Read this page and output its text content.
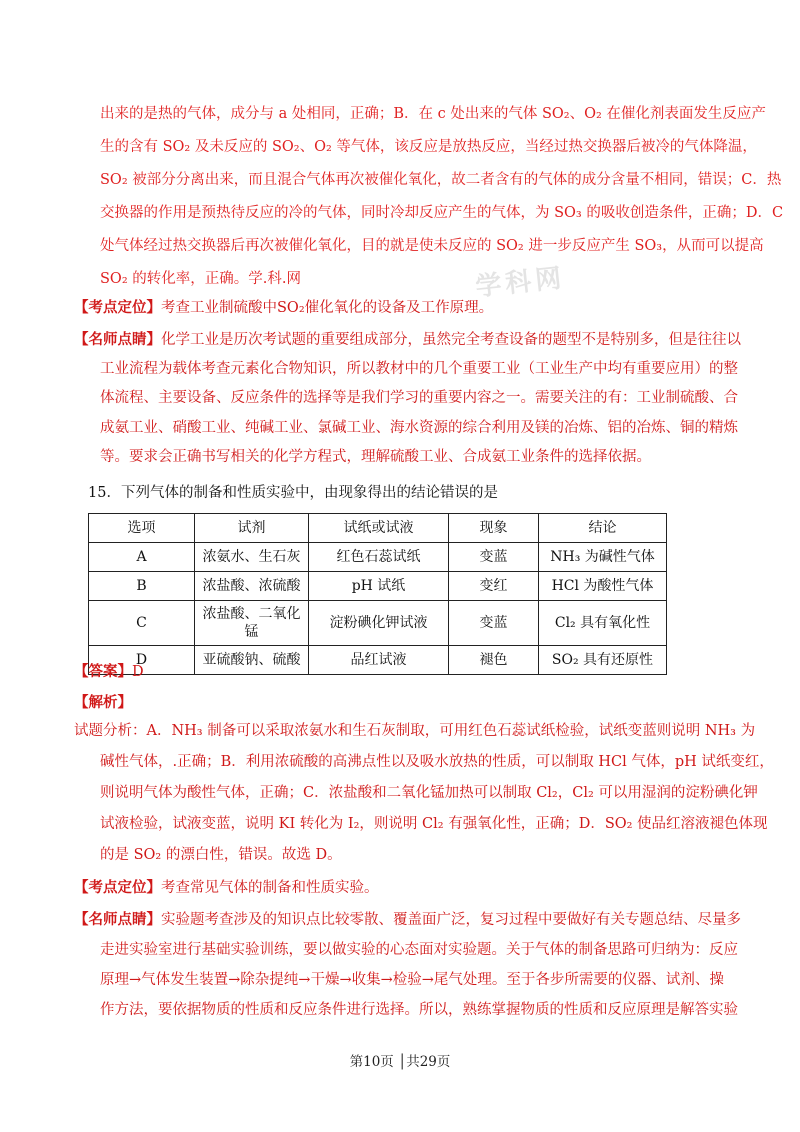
学科网
出来的是热的气体，成分与 a 处相同，正确；B．在 c 处出来的气体 SO₂、O₂ 在催化剂表面发生反应产
生的含有 SO₂ 及未反应的 SO₂、O₂ 等气体，该反应是放热反应，当经过热交换器后被冷的气体降温，
SO₂ 被部分分离出来，而且混合气体再次被催化氧化，故二者含有的气体的成分含量不相同，错误；C．热
交换器的作用是预热待反应的冷的气体，同时冷却反应产生的气体，为 SO₃ 的吸收创造条件，正确；D．C
处气体经过热交换器后再次被催化氧化，目的就是使未反应的 SO₂ 进一步反应产生 SO₃，从而可以提高
SO₂ 的转化率，正确。学.科.网
【考点定位】考查工业制硫酸中SO₂催化氧化的设备及工作原理。
【名师点睛】化学工业是历次考试题的重要组成部分，虽然完全考查设备的题型不是特别多，但是往往以
工业流程为载体考查元素化合物知识，所以教材中的几个重要工业（工业生产中均有重要应用）的整
体流程、主要设备、反应条件的选择等是我们学习的重要内容之一。需要关注的有：工业制硫酸、合
成氨工业、硝酸工业、纯碱工业、氯碱工业、海水资源的综合利用及镁的冶炼、铝的冶炼、铜的精炼
等。要求会正确书写相关的化学方程式，理解硫酸工业、合成氨工业条件的选择依据。
15．下列气体的制备和性质实验中，由现象得出的结论错误的是
选项	试剂	试纸或试液	现象	结论
A	浓氨水、生石灰	红色石蕊试纸	变蓝	NH₃ 为碱性气体
B	浓盐酸、浓硫酸	pH 试纸	变红	HCl 为酸性气体
C	浓盐酸、二氧化锰	淀粉碘化钾试液	变蓝	Cl₂ 具有氧化性
D	亚硫酸钠、硫酸	品红试液	褪色	SO₂ 具有还原性
【答案】D
【解析】
试题分析：A．NH₃ 制备可以采取浓氨水和生石灰制取，可用红色石蕊试纸检验，试纸变蓝则说明 NH₃ 为
碱性气体，.正确；B．利用浓硫酸的高沸点性以及吸水放热的性质，可以制取 HCl 气体，pH 试纸变红，
则说明气体为酸性气体，正确；C．浓盐酸和二氧化锰加热可以制取 Cl₂，Cl₂ 可以用湿润的淀粉碘化钾
试液检验，试液变蓝，说明 KI 转化为 I₂，则说明 Cl₂ 有强氧化性，正确；D．SO₂ 使品红溶液褪色体现
的是 SO₂ 的漂白性，错误。故选 D。
【考点定位】考查常见气体的制备和性质实验。
【名师点睛】实验题考查涉及的知识点比较零散、覆盖面广泛，复习过程中要做好有关专题总结、尽量多
走进实验室进行基础实验训练，要以做实验的心态面对实验题。关于气体的制备思路可归纳为：反应
原理→气体发生装置→除杂提纯→干燥→收集→检验→尾气处理。至于各步所需要的仪器、试剂、操
作方法，要依据物质的性质和反应条件进行选择。所以，熟练掌握物质的性质和反应原理是解答实验
第10页 │共29页
